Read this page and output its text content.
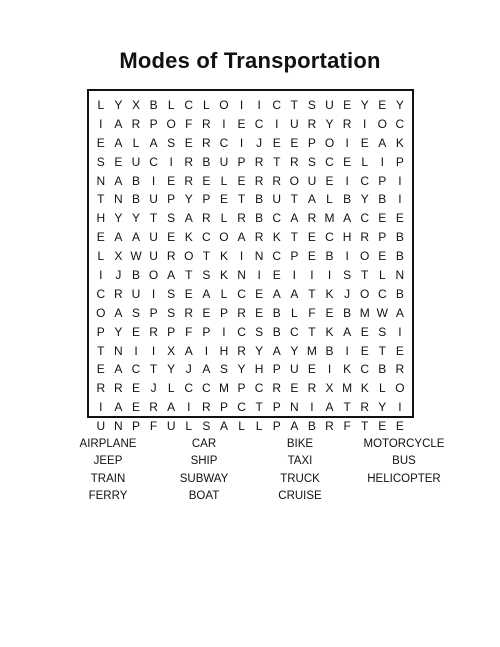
Modes of Transportation
L Y X B L C L O I	I C T S U E Y E Y
I A R P O F R I E C I U R Y R I O C
E A L A S E R C I	J E E P O I E A K
S E U C I R B U P R T R S C E L	I P
N A B I E R E L E R R O U E I C P I
T N B U P Y P E T B U T A L B Y B I
H Y Y T S A R L R B C A R M A C E E
E A A U E K C O A R K T E C H R P B
L X W U R O T K I N C P E B I O E B
I	J B O A T S K N I E I	I	I S T L N
C R U I S E A L C E A A T K J O C B
O A S P S R E P R E B L F E B M W A
P Y E R P F P I C S B C T K A E S I
T N I	I X A I H R Y A Y M B I E T E
E A C T Y J A S Y H P U E I K C B R
R R E J L C C M P C R E R X M K L O
I A E R A I R P C T P N I A T R Y I
U N P F U L S A L L P A B R F T E E
AIRPLANE	CAR	BIKE	MOTORCYCLE
JEEP	SHIP	TAXI	BUS
TRAIN	SUBWAY	TRUCK	HELICOPTER
FERRY	BOAT	CRUISE
